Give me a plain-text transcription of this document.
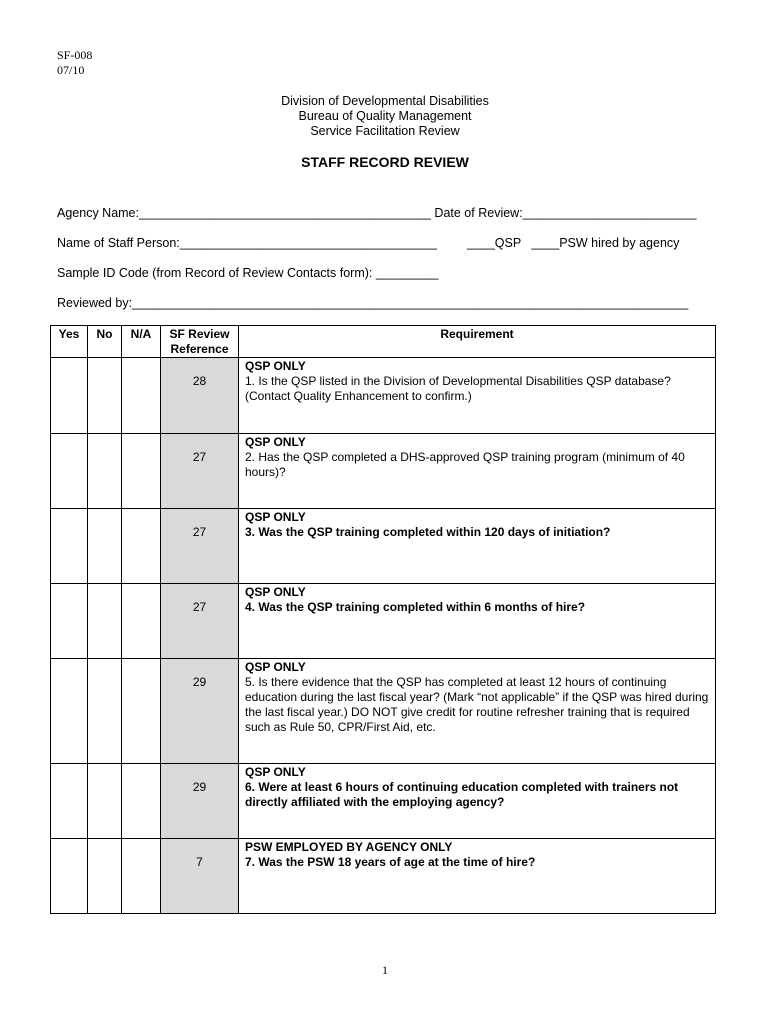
SF-008
07/10
Division of Developmental Disabilities
Bureau of Quality Management
Service Facilitation Review
STAFF RECORD REVIEW
Agency Name:__________________________________________ Date of Review:_________________________
Name of Staff Person:_____________________________________ ____QSP   ____PSW hired by agency
Sample ID Code (from Record of Review Contacts form): _________
Reviewed by:________________________________________________________________________________
Yes	No	N/A	SF Review
Reference	Requirement

			28	QSP ONLY
1. Is the QSP listed in the Division of Developmental Disabilities QSP database? (Contact Quality Enhancement to confirm.)

			27	QSP ONLY
2. Has the QSP completed a DHS-approved QSP training program (minimum of 40 hours)?

			27	QSP ONLY
3. Was the QSP training completed within 120 days of initiation?

			27	QSP ONLY
4. Was the QSP training completed within 6 months of hire?

			29	QSP ONLY
5. Is there evidence that the QSP has completed at least 12 hours of continuing education during the last fiscal year? (Mark “not applicable” if the QSP was hired during the last fiscal year.) DO NOT give credit for routine refresher training that is required such as Rule 50, CPR/First Aid, etc.

			29	QSP ONLY
6. Were at least 6 hours of continuing education completed with trainers not directly affiliated with the employing agency?

			7	PSW EMPLOYED BY AGENCY ONLY
7. Was the PSW 18 years of age at the time of hire?
1
